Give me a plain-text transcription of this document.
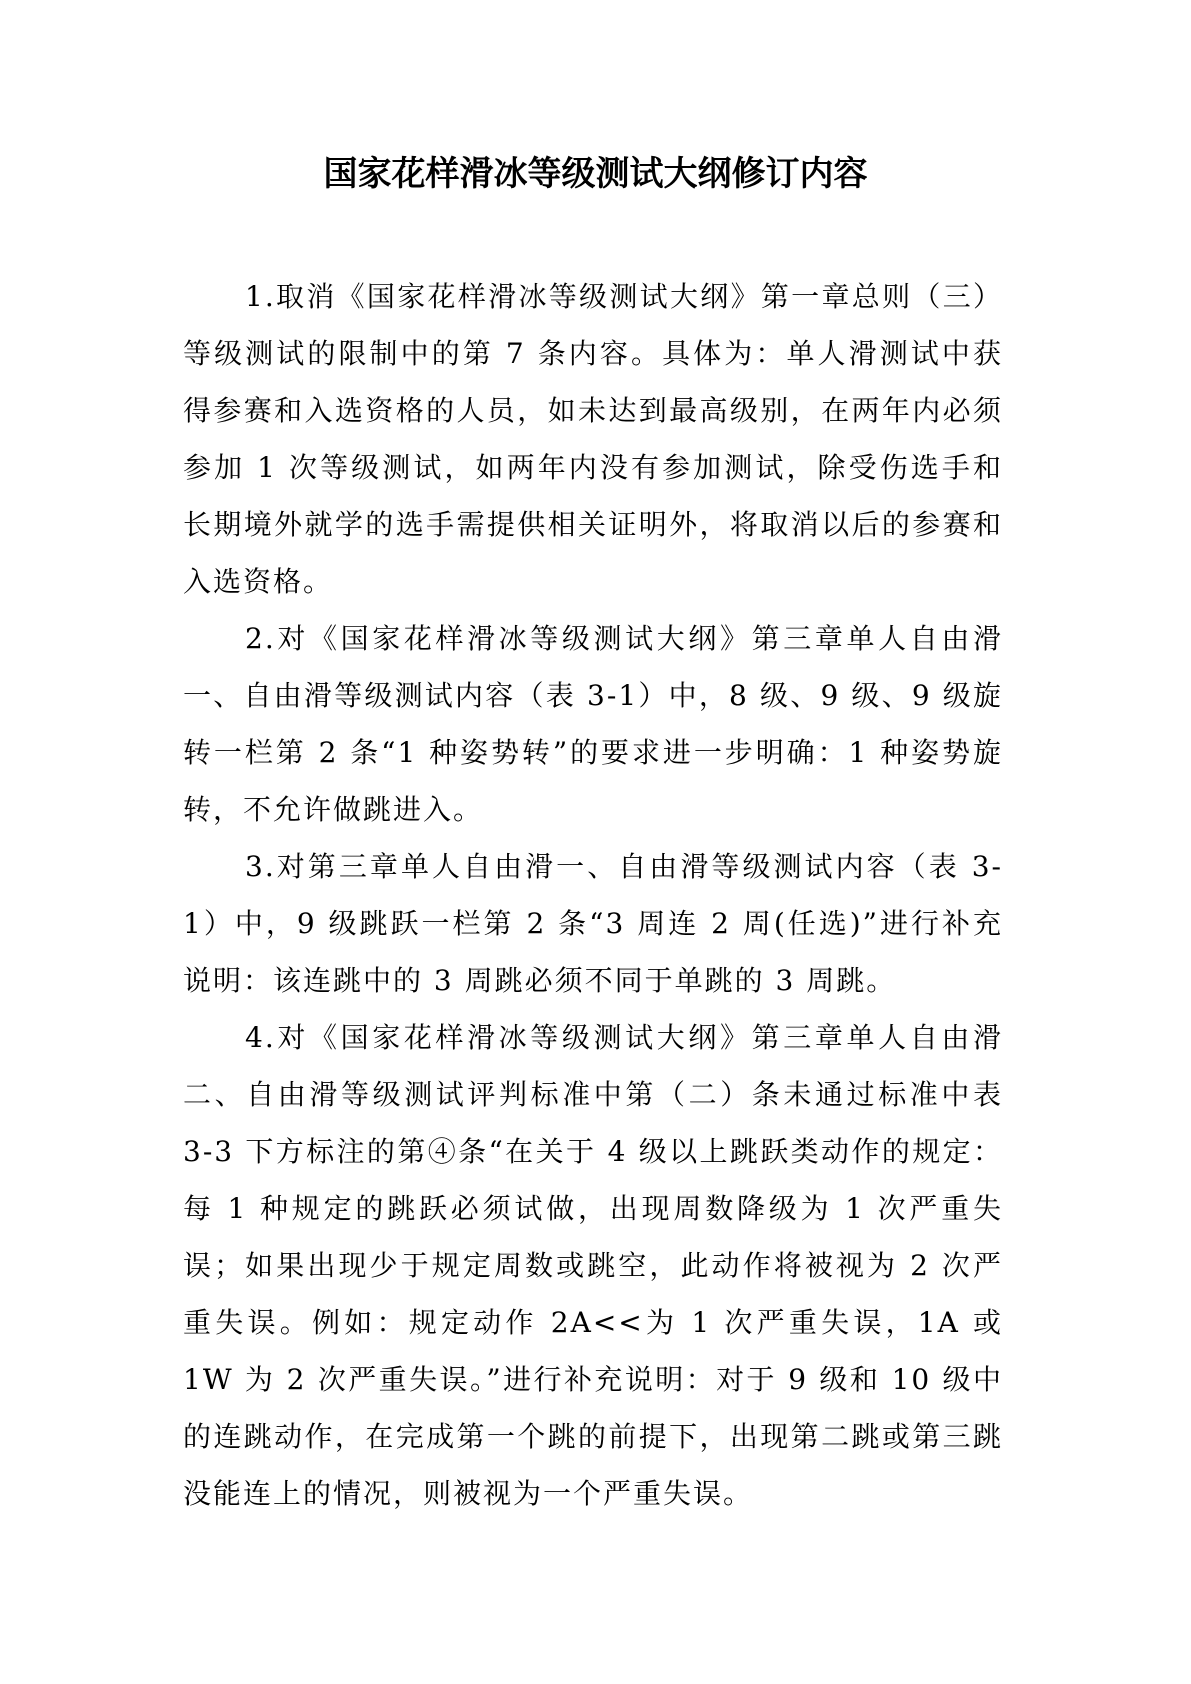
国家花样滑冰等级测试大纲修订内容

1.取消《国家花样滑冰等级测试大纲》第一章总则（三）等级测试的限制中的第 7 条内容。具体为：单人滑测试中获得参赛和入选资格的人员，如未达到最高级别，在两年内必须参加 1 次等级测试，如两年内没有参加测试，除受伤选手和长期境外就学的选手需提供相关证明外，将取消以后的参赛和入选资格。

2.对《国家花样滑冰等级测试大纲》第三章单人自由滑一、自由滑等级测试内容（表 3-1）中，8 级、9 级、9 级旋转一栏第 2 条“1 种姿势转”的要求进一步明确：1 种姿势旋转，不允许做跳进入。

3.对第三章单人自由滑一、自由滑等级测试内容（表 3-1）中，9 级跳跃一栏第 2 条“3 周连 2 周(任选)”进行补充说明：该连跳中的 3 周跳必须不同于单跳的 3 周跳。

4.对《国家花样滑冰等级测试大纲》第三章单人自由滑二、自由滑等级测试评判标准中第（二）条未通过标准中表 3-3 下方标注的第④条“在关于 4 级以上跳跃类动作的规定：每 1 种规定的跳跃必须试做，出现周数降级为 1 次严重失误；如果出现少于规定周数或跳空，此动作将被视为 2 次严重失误。例如：规定动作 2A<<为 1 次严重失误，1A 或 1W 为 2 次严重失误。”进行补充说明：对于 9 级和 10 级中的连跳动作，在完成第一个跳的前提下，出现第二跳或第三跳没能连上的情况，则被视为一个严重失误。
